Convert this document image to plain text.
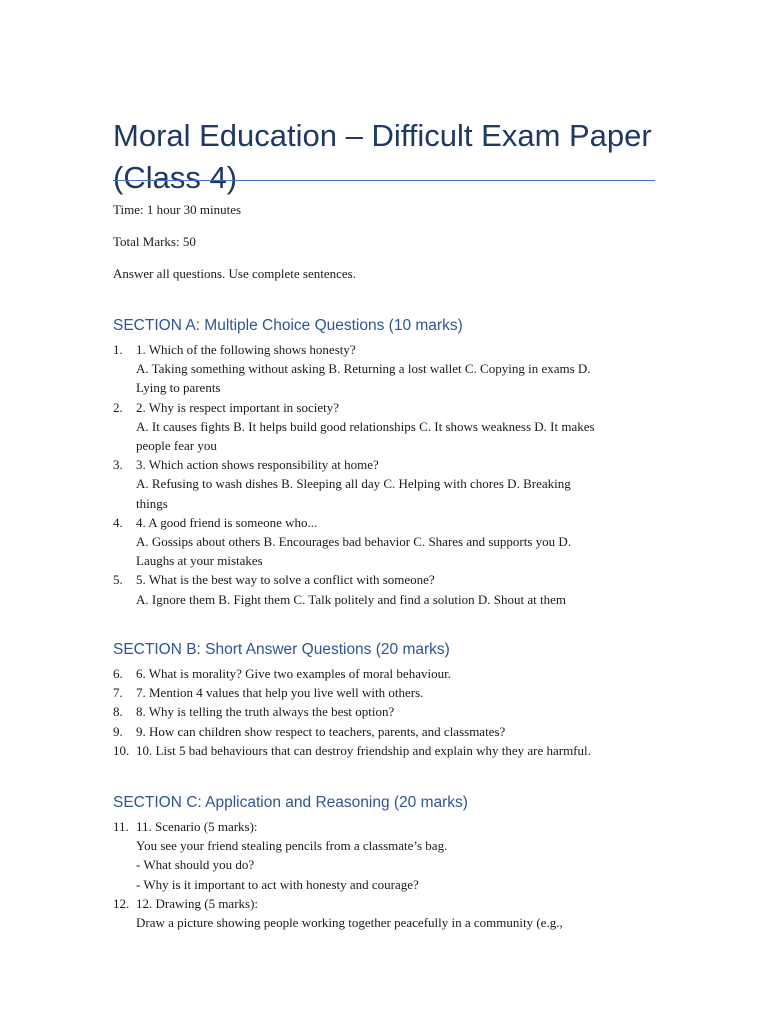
Moral Education – Difficult Exam Paper (Class 4)
Time: 1 hour 30 minutes
Total Marks: 50
Answer all questions. Use complete sentences.
SECTION A: Multiple Choice Questions (10 marks)
1. 1. Which of the following shows honesty?
A. Taking something without asking B. Returning a lost wallet C. Copying in exams D.
Lying to parents
2. 2. Why is respect important in society?
A. It causes fights B. It helps build good relationships C. It shows weakness D. It makes
people fear you
3. 3. Which action shows responsibility at home?
A. Refusing to wash dishes B. Sleeping all day C. Helping with chores D. Breaking
things
4. 4. A good friend is someone who...
A. Gossips about others B. Encourages bad behavior C. Shares and supports you D.
Laughs at your mistakes
5. 5. What is the best way to solve a conflict with someone?
A. Ignore them B. Fight them C. Talk politely and find a solution D. Shout at them
SECTION B: Short Answer Questions (20 marks)
6. 6. What is morality? Give two examples of moral behaviour.
7. 7. Mention 4 values that help you live well with others.
8. 8. Why is telling the truth always the best option?
9. 9. How can children show respect to teachers, parents, and classmates?
10. 10. List 5 bad behaviours that can destroy friendship and explain why they are harmful.
SECTION C: Application and Reasoning (20 marks)
11. 11. Scenario (5 marks):
You see your friend stealing pencils from a classmate’s bag.
- What should you do?
- Why is it important to act with honesty and courage?
12. 12. Drawing (5 marks):
Draw a picture showing people working together peacefully in a community (e.g.,
